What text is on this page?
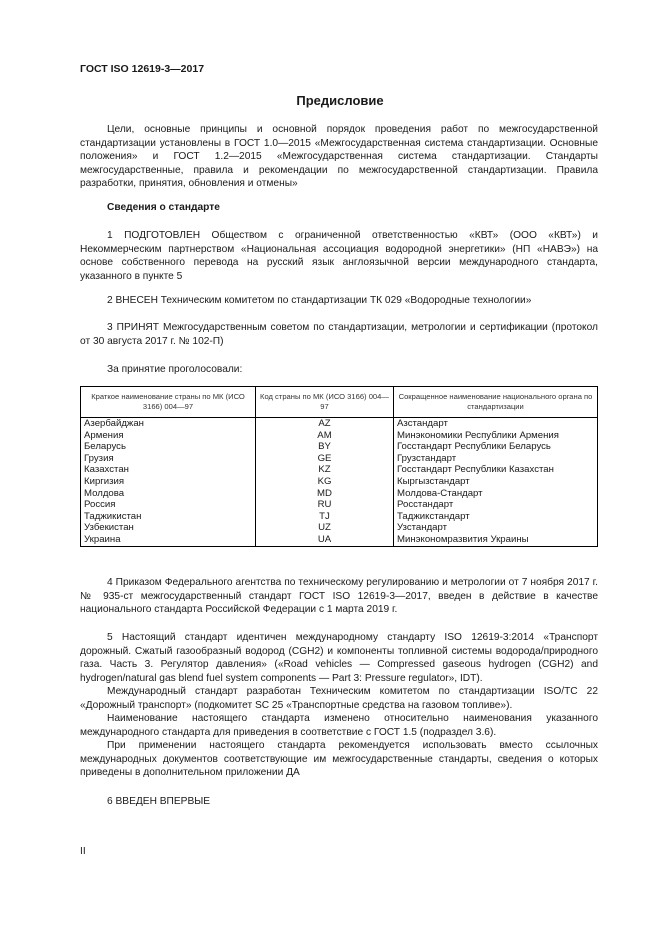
ГОСТ ISO 12619-3—2017
Предисловие

Цели, основные принципы и основной порядок проведения работ по межгосударственной стандартизации установлены в ГОСТ 1.0—2015 «Межгосударственная система стандартизации. Основные положения» и ГОСТ 1.2—2015 «Межгосударственная система стандартизации. Стандарты межгосударственные, правила и рекомендации по межгосударственной стандартизации. Правила разработки, принятия, обновления и отмены»

Сведения о стандарте

1 ПОДГОТОВЛЕН Обществом с ограниченной ответственностью «КВТ» (ООО «КВТ») и Некоммерческим партнерством «Национальная ассоциация водородной энергетики» (НП «НАВЭ») на основе собственного перевода на русский язык англоязычной версии международного стандарта, указанного в пункте 5

2 ВНЕСЕН Техническим комитетом по стандартизации ТК 029 «Водородные технологии»

3 ПРИНЯТ Межгосударственным советом по стандартизации, метрологии и сертификации (протокол от 30 августа 2017 г. № 102-П)

За принятие проголосовали:

Краткое наименование страны по МК (ИСО 3166) 004—97	Код страны по МК (ИСО 3166) 004—97	Сокращенное наименование национального органа по стандартизации
Азербайджан	AZ	Азстандарт
Армения	AM	Минэкономики Республики Армения
Беларусь	BY	Госстандарт Республики Беларусь
Грузия	GE	Грузстандарт
Казахстан	KZ	Госстандарт Республики Казахстан
Киргизия	KG	Кыргызстандарт
Молдова	MD	Молдова-Стандарт
Россия	RU	Росстандарт
Таджикистан	TJ	Таджикстандарт
Узбекистан	UZ	Узстандарт
Украина	UA	Минэкономразвития Украины

4 Приказом Федерального агентства по техническому регулированию и метрологии от 7 ноября 2017 г. № 935-ст межгосударственный стандарт ГОСТ ISO 12619-3—2017, введен в действие в качестве национального стандарта Российской Федерации с 1 марта 2019 г.

5 Настоящий стандарт идентичен международному стандарту ISO 12619-3:2014 «Транспорт дорожный. Сжатый газообразный водород (CGH2) и компоненты топливной системы водорода/природного газа. Часть 3. Регулятор давления» («Road vehicles — Compressed gaseous hydrogen (CGH2) and hydrogen/natural gas blend fuel system components — Part 3: Pressure regulator», IDT).

Международный стандарт разработан Техническим комитетом по стандартизации ISO/TC 22 «Дорожный транспорт» (подкомитет SC 25 «Транспортные средства на газовом топливе»).

Наименование настоящего стандарта изменено относительно наименования указанного международного стандарта для приведения в соответствие с ГОСТ 1.5 (подраздел 3.6).

При применении настоящего стандарта рекомендуется использовать вместо ссылочных международных документов соответствующие им межгосударственные стандарты, сведения о которых приведены в дополнительном приложении ДА

6 ВВЕДЕН ВПЕРВЫЕ

II
